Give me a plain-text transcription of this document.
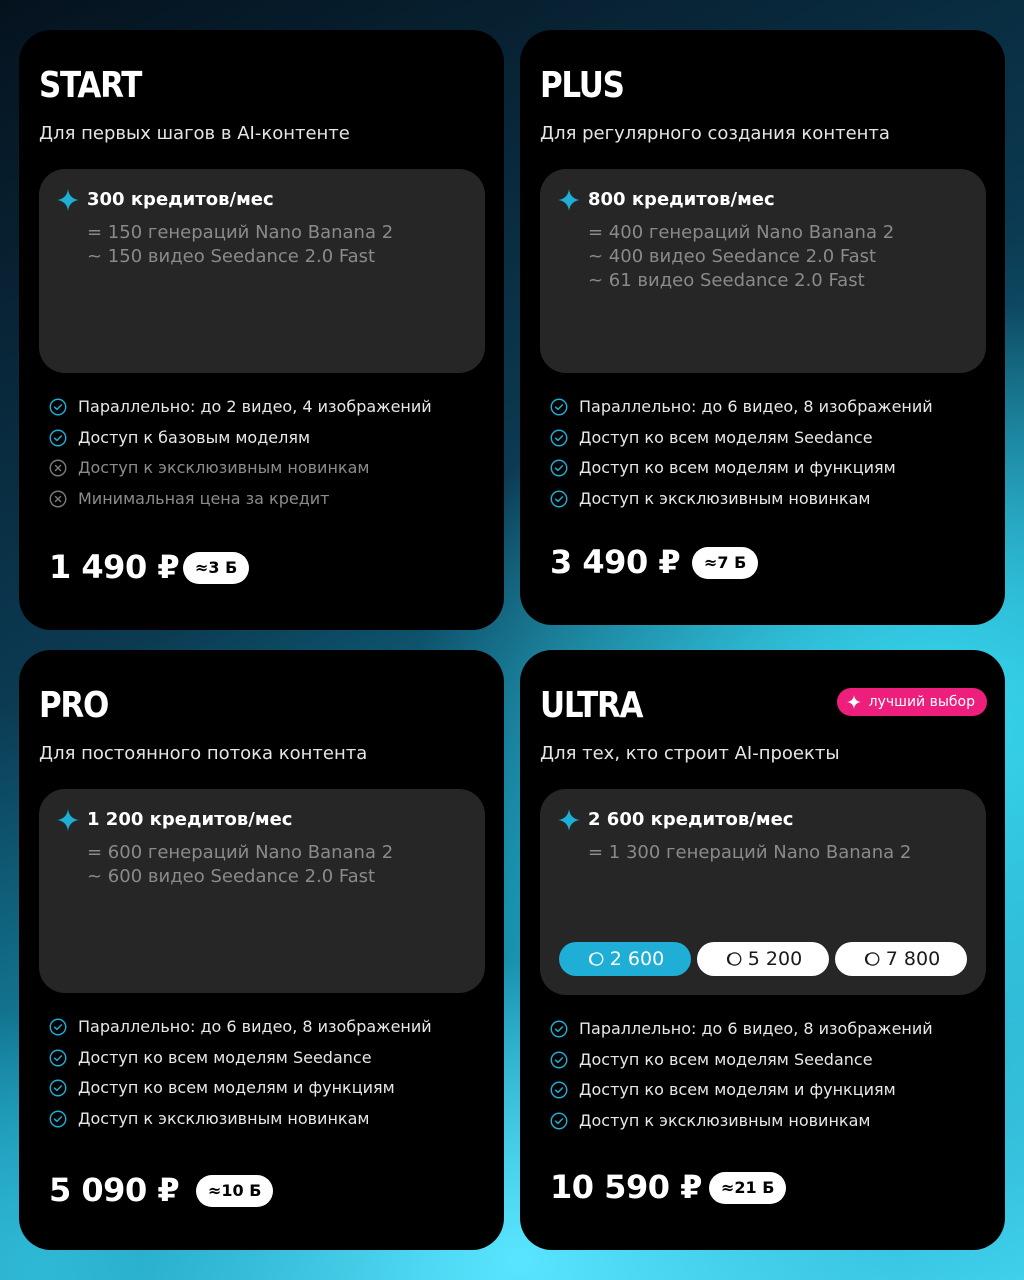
START
Для первых шагов в AI-контенте
300 кредитов/мес
= 150 генераций Nano Banana 2
~ 150 видео Seedance 2.0 Fast
Параллельно: до 2 видео, 4 изображений
Доступ к базовым моделям
Доступ к эксклюзивным новинкам
Минимальная цена за кредит
1 490 ₽ ≈3 Б
PLUS
Для регулярного создания контента
800 кредитов/мес
= 400 генераций Nano Banana 2
~ 400 видео Seedance 2.0 Fast
~ 61 видео Seedance 2.0 Fast
Параллельно: до 6 видео, 8 изображений
Доступ ко всем моделям Seedance
Доступ ко всем моделям и функциям
Доступ к эксклюзивным новинкам
3 490 ₽	≈7 Б
PRO
Для постоянного потока контента
1 200 кредитов/мес
= 600 генераций Nano Banana 2
~ 600 видео Seedance 2.0 Fast
Параллельно: до 6 видео, 8 изображений
Доступ ко всем моделям Seedance
Доступ ко всем моделям и функциям
Доступ к эксклюзивным новинкам
5 090 ₽	≈10 Б
ULTRA	лучший выбор
Для тех, кто строит AI-проекты
2 600 кредитов/мес
= 1 300 генераций Nano Banana 2
2 600	5 200	7 800
Параллельно: до 6 видео, 8 изображений
Доступ ко всем моделям Seedance
Доступ ко всем моделям и функциям
Доступ к эксклюзивным новинкам
10 590 ₽	≈21 Б
